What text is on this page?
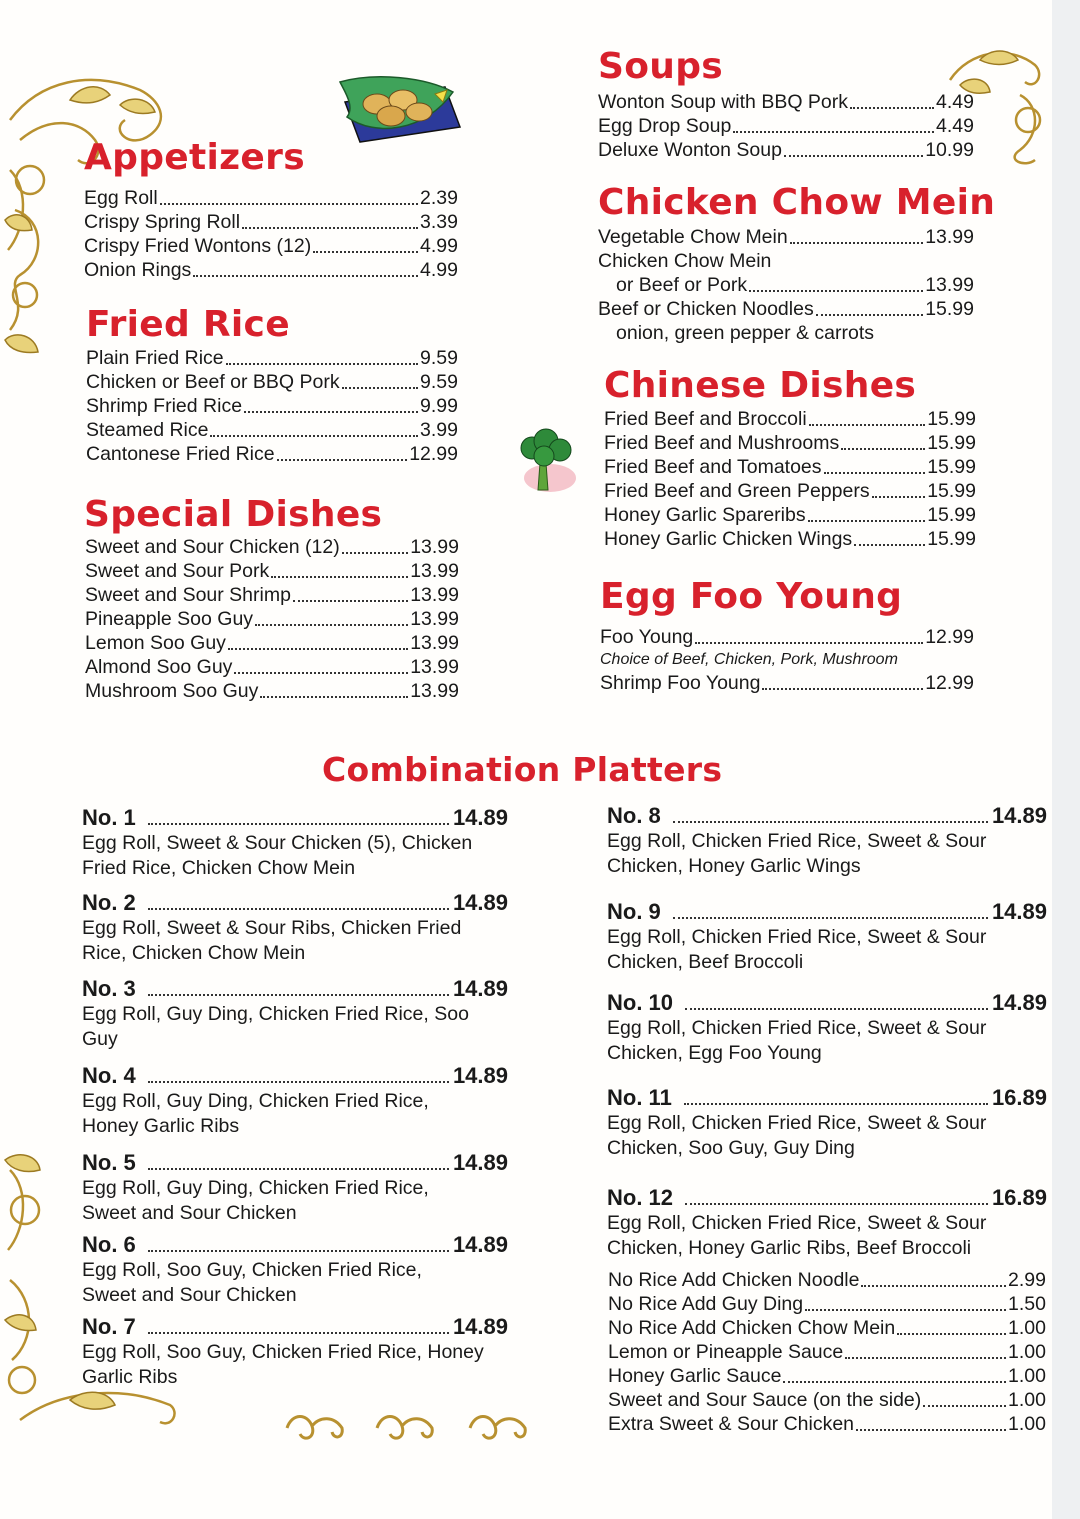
Appetizers
Egg Roll	2.39
Crispy Spring Roll	3.39
Crispy Fried Wontons (12)	4.99
Onion Rings	4.99
Fried Rice
Plain Fried Rice	9.59
Chicken or Beef or BBQ Pork	9.59
Shrimp Fried Rice	9.99
Steamed Rice	3.99
Cantonese Fried Rice	12.99
Special Dishes
Sweet and Sour Chicken (12)	13.99
Sweet and Sour Pork	13.99
Sweet and Sour Shrimp	13.99
Pineapple Soo Guy	13.99
Lemon Soo Guy	13.99
Almond Soo Guy	13.99
Mushroom Soo Guy	13.99
Soups
Wonton Soup with BBQ Pork	4.49
Egg Drop Soup	4.49
Deluxe Wonton Soup	10.99
Chicken Chow Mein
Vegetable Chow Mein	13.99
Chicken Chow Mein
or Beef or Pork	13.99
Beef or Chicken Noodles	15.99
onion, green pepper & carrots
Chinese Dishes
Fried Beef and Broccoli	15.99
Fried Beef and Mushrooms	15.99
Fried Beef and Tomatoes	15.99
Fried Beef and Green Peppers	15.99
Honey Garlic Spareribs	15.99
Honey Garlic Chicken Wings	15.99
Egg Foo Young
Foo Young	12.99
Choice of Beef, Chicken, Pork, Mushroom
Shrimp Foo Young	12.99
Combination Platters
No. 1	14.89
Egg Roll, Sweet & Sour Chicken (5), Chicken Fried Rice, Chicken Chow Mein
No. 2	14.89
Egg Roll, Sweet & Sour Ribs, Chicken Fried Rice, Chicken Chow Mein
No. 3	14.89
Egg Roll, Guy Ding, Chicken Fried Rice, Soo Guy
No. 4	14.89
Egg Roll, Guy Ding, Chicken Fried Rice, Honey Garlic Ribs
No. 5	14.89
Egg Roll, Guy Ding, Chicken Fried Rice, Sweet and Sour Chicken
No. 6	14.89
Egg Roll, Soo Guy, Chicken Fried Rice, Sweet and Sour Chicken
No. 7	14.89
Egg Roll, Soo Guy, Chicken Fried Rice, Honey Garlic Ribs
No. 8	14.89
Egg Roll, Chicken Fried Rice, Sweet & Sour Chicken, Honey Garlic Wings
No. 9	14.89
Egg Roll, Chicken Fried Rice, Sweet & Sour Chicken, Beef Broccoli
No. 10	14.89
Egg Roll, Chicken Fried Rice, Sweet & Sour Chicken, Egg Foo Young
No. 11	16.89
Egg Roll, Chicken Fried Rice, Sweet & Sour Chicken, Soo Guy, Guy Ding
No. 12	16.89
Egg Roll, Chicken Fried Rice, Sweet & Sour Chicken, Honey Garlic Ribs, Beef Broccoli
No Rice Add Chicken Noodle	2.99
No Rice Add Guy Ding	1.50
No Rice Add Chicken Chow Mein	1.00
Lemon or Pineapple Sauce	1.00
Honey Garlic Sauce	1.00
Sweet and Sour Sauce (on the side)	1.00
Extra Sweet & Sour Chicken	1.00
